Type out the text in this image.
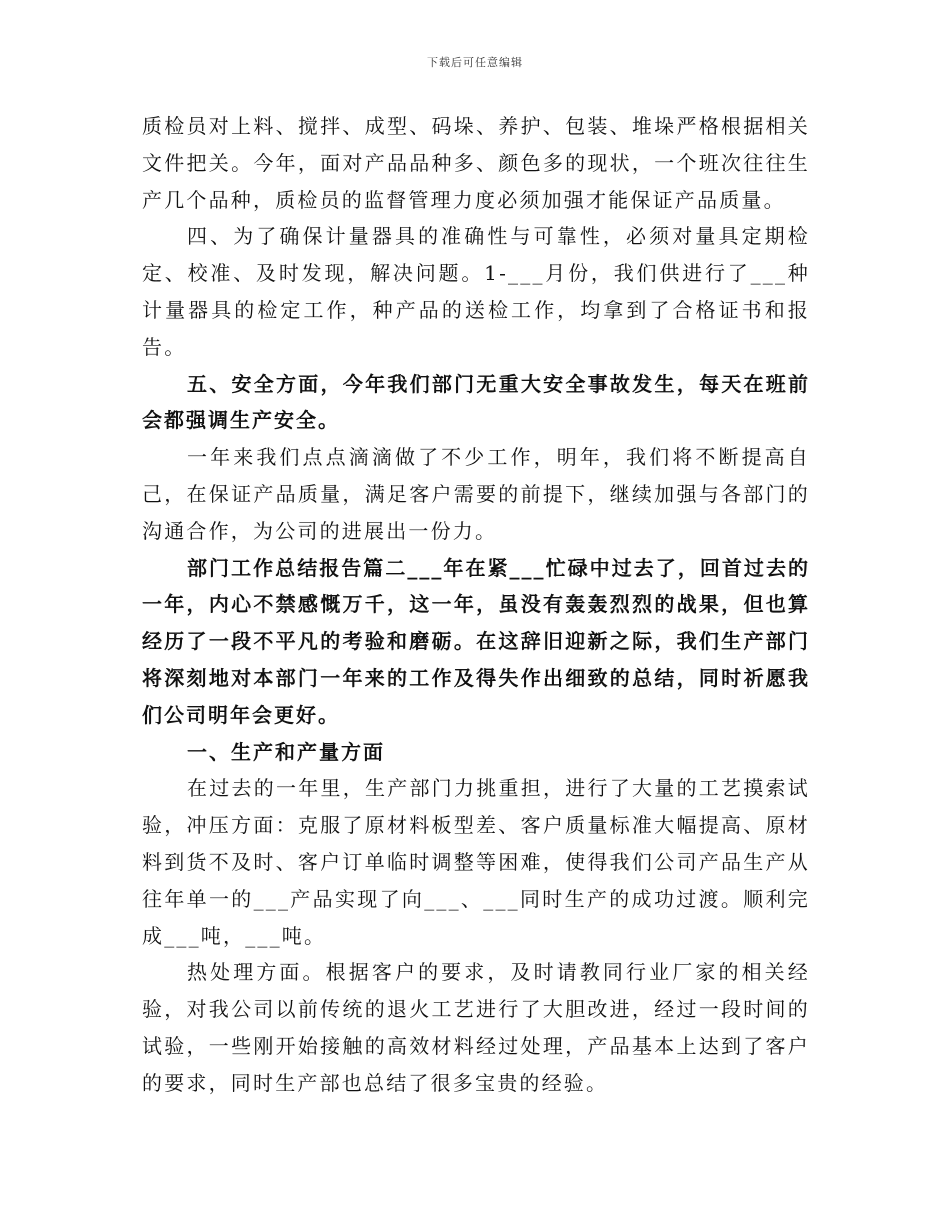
下载后可任意编辑

质检员对上料、搅拌、成型、码垛、养护、包装、堆垛严格根据相关文件把关。今年，面对产品品种多、颜色多的现状，一个班次往往生产几个品种，质检员的监督管理力度必须加强才能保证产品质量。

四、为了确保计量器具的准确性与可靠性，必须对量具定期检定、校准、及时发现，解决问题。1-___月份，我们供进行了___种计量器具的检定工作，种产品的送检工作，均拿到了合格证书和报告。

五、安全方面，今年我们部门无重大安全事故发生，每天在班前会都强调生产安全。

一年来我们点点滴滴做了不少工作，明年，我们将不断提高自己，在保证产品质量，满足客户需要的前提下，继续加强与各部门的沟通合作，为公司的进展出一份力。

部门工作总结报告篇二___年在紧___忙碌中过去了，回首过去的一年，内心不禁感慨万千，这一年，虽没有轰轰烈烈的战果，但也算经历了一段不平凡的考验和磨砺。在这辞旧迎新之际，我们生产部门将深刻地对本部门一年来的工作及得失作出细致的总结，同时祈愿我们公司明年会更好。

一、生产和产量方面

在过去的一年里，生产部门力挑重担，进行了大量的工艺摸索试验，冲压方面：克服了原材料板型差、客户质量标准大幅提高、原材料到货不及时、客户订单临时调整等困难，使得我们公司产品生产从往年单一的___产品实现了向___、___同时生产的成功过渡。顺利完成___吨，___吨。

热处理方面。根据客户的要求，及时请教同行业厂家的相关经验，对我公司以前传统的退火工艺进行了大胆改进，经过一段时间的试验，一些刚开始接触的高效材料经过处理，产品基本上达到了客户的要求，同时生产部也总结了很多宝贵的经验。
